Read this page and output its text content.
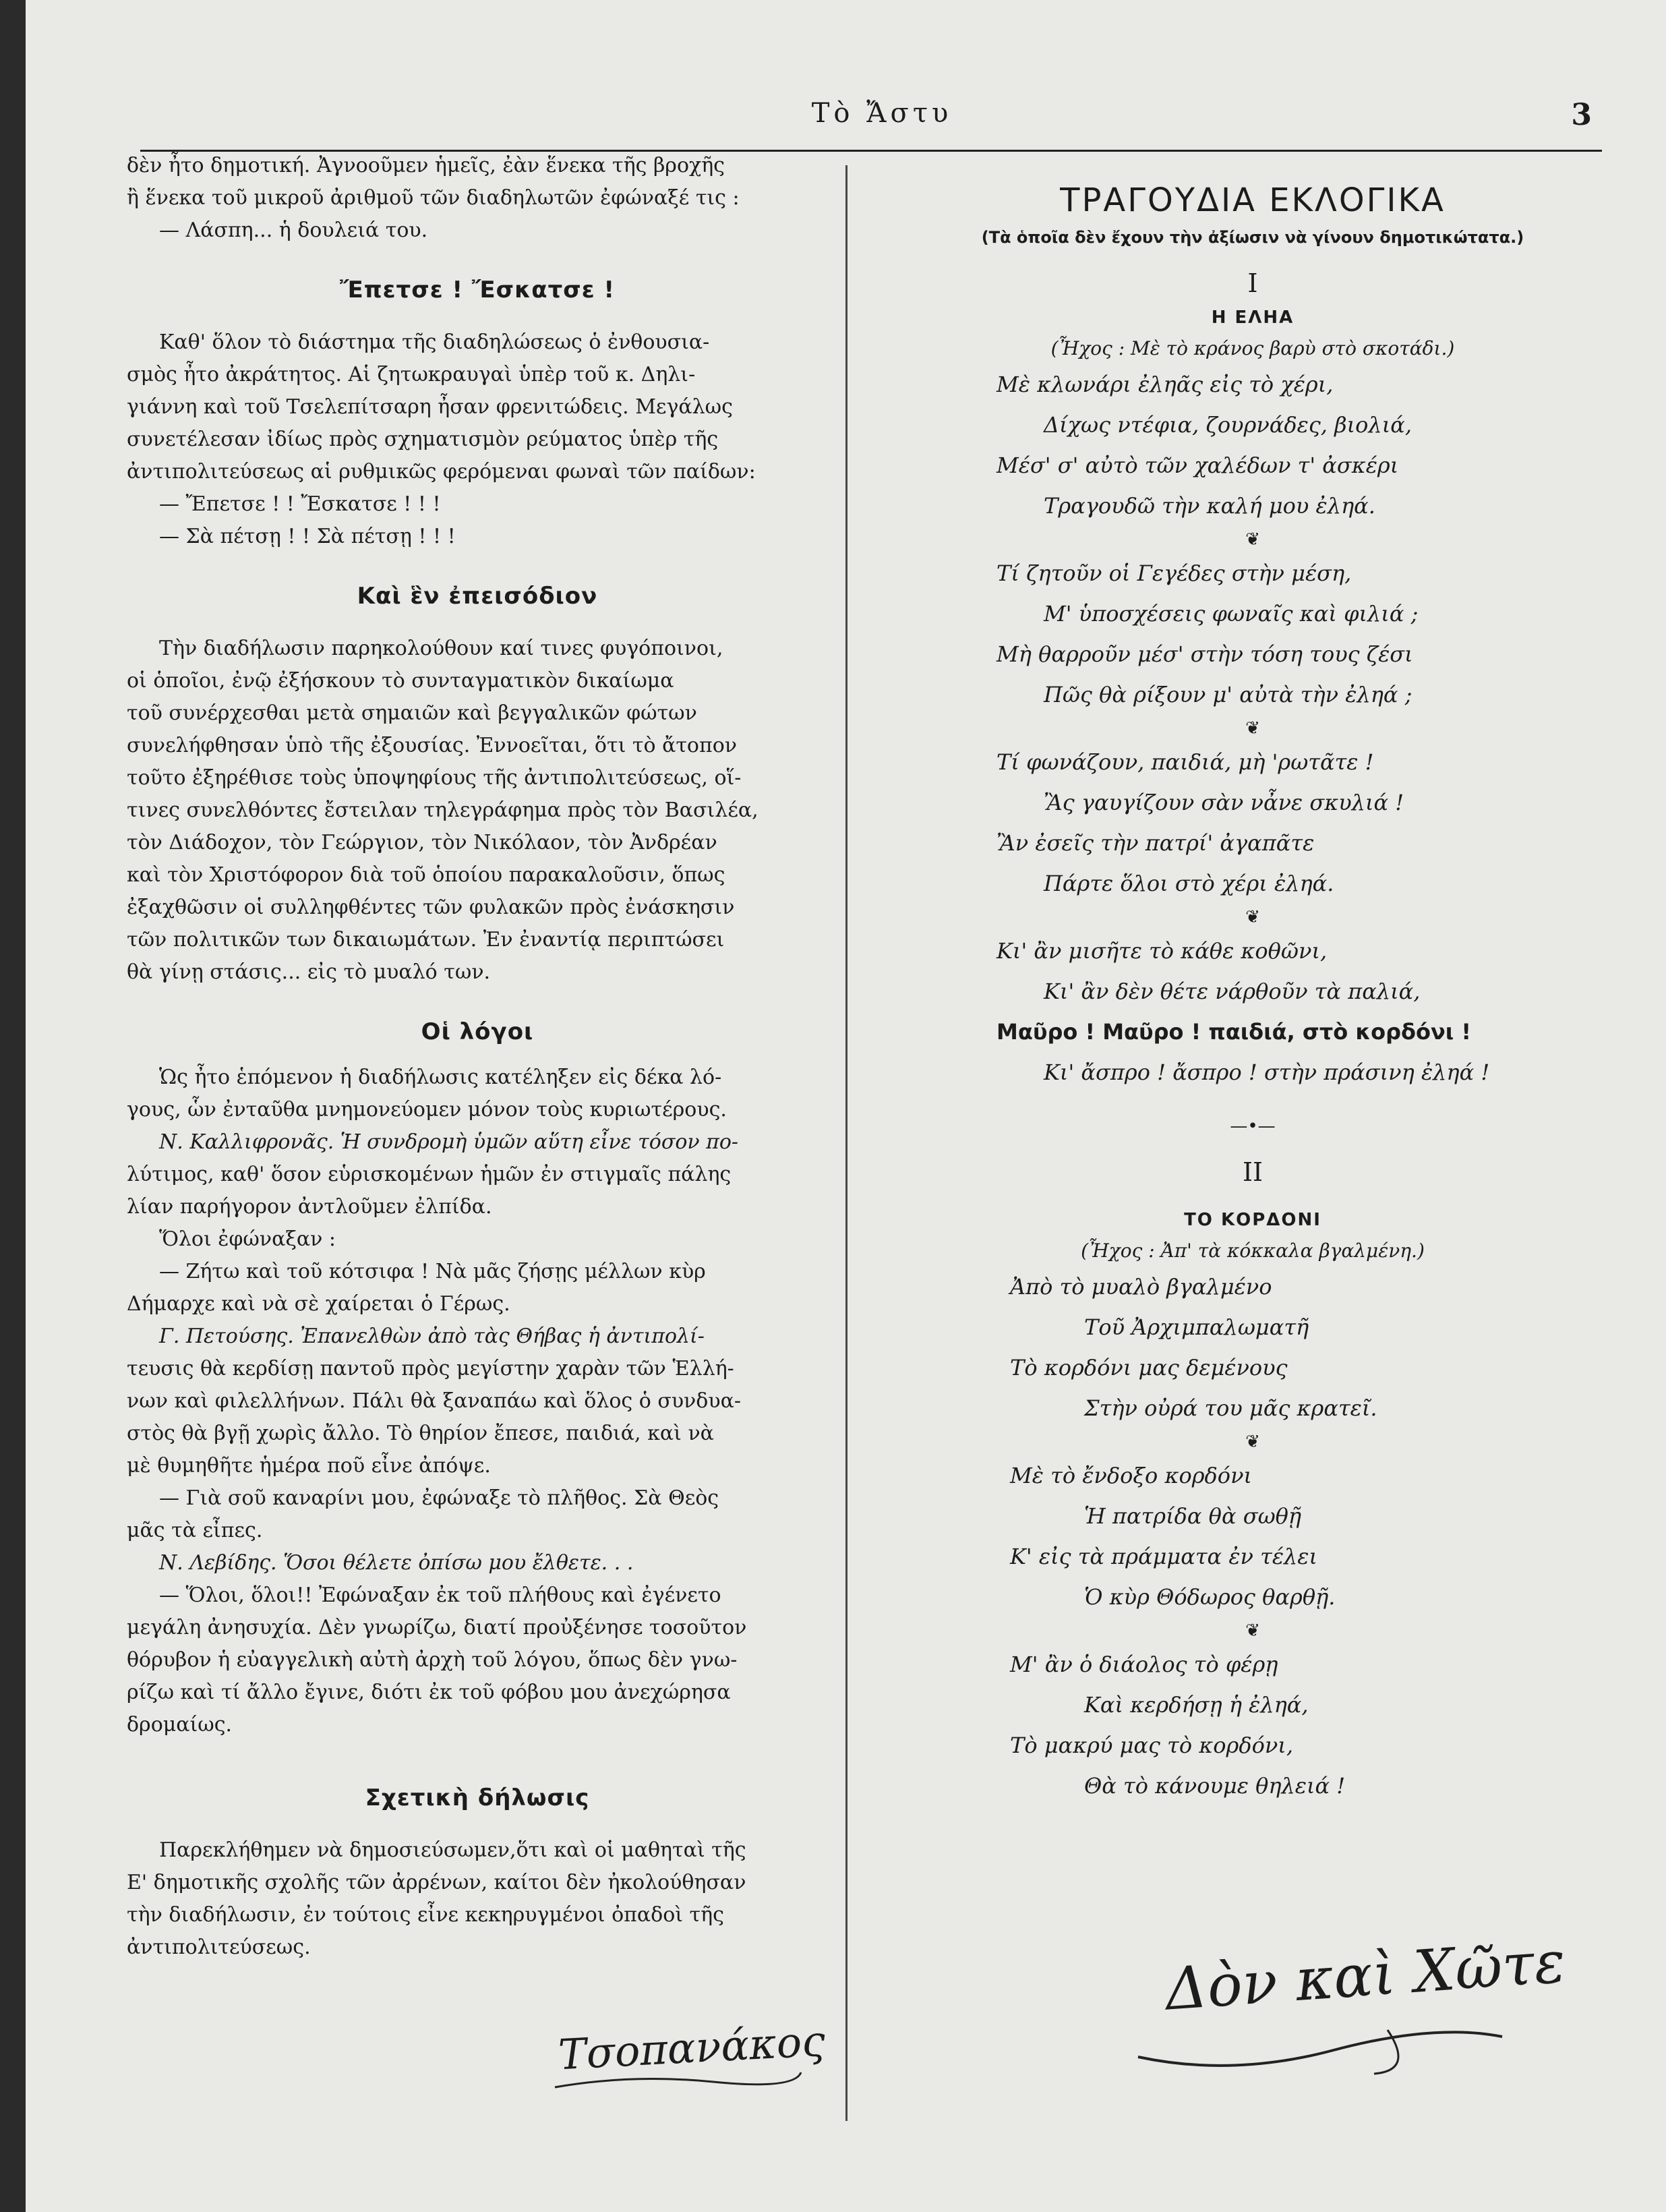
Τὸ Ἄστυ	3
δὲν ἦτο δημοτική. Ἀγνοοῦμεν ἡμεῖς, ἐὰν ἕνεκα τῆς βροχῆς
ἢ ἕνεκα τοῦ μικροῦ ἀριθμοῦ τῶν διαδηλωτῶν ἐφώναξέ τις :
— Λάσπη... ἡ δουλειά του.
Ἔπετσε ! Ἔσκατσε !
Καθ' ὅλον τὸ διάστημα τῆς διαδηλώσεως ὁ ἐνθουσια-
σμὸς ἦτο ἀκράτητος. Αἱ ζητωκραυγαὶ ὑπὲρ τοῦ κ. Δηλι-
γιάννη καὶ τοῦ Τσελεπίτσαρη ἦσαν φρενιτώδεις. Μεγάλως
συνετέλεσαν ἰδίως πρὸς σχηματισμὸν ρεύματος ὑπὲρ τῆς
ἀντιπολιτεύσεως αἱ ρυθμικῶς φερόμεναι φωναὶ τῶν παίδων:
— Ἔπετσε ! ! Ἔσκατσε ! ! !
— Σὰ πέτσῃ ! ! Σὰ πέτσῃ ! ! !
Καὶ ἓν ἐπεισόδιον
Τὴν διαδήλωσιν παρηκολούθουν καί τινες φυγόποινοι,
οἱ ὁποῖοι, ἐνῷ ἐξήσκουν τὸ συνταγματικὸν δικαίωμα
τοῦ συνέρχεσθαι μετὰ σημαιῶν καὶ βεγγαλικῶν φώτων
συνελήφθησαν ὑπὸ τῆς ἐξουσίας. Ἐννοεῖται, ὅτι τὸ ἄτοπον
τοῦτο ἐξηρέθισε τοὺς ὑποψηφίους τῆς ἀντιπολιτεύσεως, οἵ-
τινες συνελθόντες ἔστειλαν τηλεγράφημα πρὸς τὸν Βασιλέα,
τὸν Διάδοχον, τὸν Γεώργιον, τὸν Νικόλαον, τὸν Ἀνδρέαν
καὶ τὸν Χριστόφορον διὰ τοῦ ὁποίου παρακαλοῦσιν, ὅπως
ἐξαχθῶσιν οἱ συλληφθέντες τῶν φυλακῶν πρὸς ἐνάσκησιν
τῶν πολιτικῶν των δικαιωμάτων. Ἐν ἐναντίᾳ περιπτώσει
θὰ γίνῃ στάσις... εἰς τὸ μυαλό των.
Οἱ λόγοι
Ὡς ἦτο ἑπόμενον ἡ διαδήλωσις κατέληξεν εἰς δέκα λό-
γους, ὧν ἐνταῦθα μνημονεύομεν μόνον τοὺς κυριωτέρους.
Ν. Καλλιφρονᾶς. Ἡ συνδρομὴ ὑμῶν αὕτη εἶνε τόσον πο-
λύτιμος, καθ' ὅσον εὑρισκομένων ἡμῶν ἐν στιγμαῖς πάλης
λίαν παρήγορον ἀντλοῦμεν ἐλπίδα.
Ὅλοι ἐφώναξαν :
— Ζήτω καὶ τοῦ κότσιφα ! Νὰ μᾶς ζήσῃς μέλλων κὺρ
Δήμαρχε καὶ νὰ σὲ χαίρεται ὁ Γέρως.
Γ. Πετούσης. Ἐπανελθὼν ἀπὸ τὰς Θήβας ἡ ἀντιπολί-
τευσις θὰ κερδίσῃ παντοῦ πρὸς μεγίστην χαρὰν τῶν Ἑλλή-
νων καὶ φιλελλήνων. Πάλι θὰ ξαναπάω καὶ ὅλος ὁ συνδυα-
στὸς θὰ βγῇ χωρὶς ἄλλο. Τὸ θηρίον ἔπεσε, παιδιά, καὶ νὰ
μὲ θυμηθῆτε ἡμέρα ποῦ εἶνε ἀπόψε.
— Γιὰ σοῦ καναρίνι μου, ἐφώναξε τὸ πλῆθος. Σὰ Θεὸς
μᾶς τὰ εἶπες.
Ν. Λεβίδης. Ὅσοι θέλετε ὀπίσω μου ἔλθετε. . .
— Ὅλοι, ὅλοι!! Ἐφώναξαν ἐκ τοῦ πλήθους καὶ ἐγένετο
μεγάλη ἀνησυχία. Δὲν γνωρίζω, διατί προὐξένησε τοσοῦτον
θόρυβον ἡ εὐαγγελικὴ αὐτὴ ἀρχὴ τοῦ λόγου, ὅπως δὲν γνω-
ρίζω καὶ τί ἄλλο ἔγινε, διότι ἐκ τοῦ φόβου μου ἀνεχώρησα
δρομαίως.
Σχετικὴ δήλωσις
Παρεκλήθημεν νὰ δημοσιεύσωμεν,ὅτι καὶ οἱ μαθηταὶ τῆς
Ε' δημοτικῆς σχολῆς τῶν ἀρρένων, καίτοι δὲν ἠκολούθησαν
τὴν διαδήλωσιν, ἐν τούτοις εἶνε κεκηρυγμένοι ὀπαδοὶ τῆς
ἀντιπολιτεύσεως.
Τσοπανάκος
ΤΡΑΓΟΥΔΙΑ ΕΚΛΟΓΙΚΑ
(Τὰ ὁποῖα δὲν ἔχουν τὴν ἀξίωσιν νὰ γίνουν δημοτικώτατα.)
I
Η ΕΛΗΑ
(Ἦχος : Μὲ τὸ κράνος βαρὺ στὸ σκοτάδι.)
Μὲ κλωνάρι ἐληᾶς εἰς τὸ χέρι,
Δίχως ντέφια, ζουρνάδες, βιολιά,
Μέσ' σ' αὐτὸ τῶν χαλέδων τ' ἀσκέρι
Τραγουδῶ τὴν καλή μου ἐληά.
❦
Τί ζητοῦν οἱ Γεγέδες στὴν μέση,
Μ' ὑποσχέσεις φωναῖς καὶ φιλιά ;
Μὴ θαρροῦν μέσ' στὴν τόση τους ζέσι
Πῶς θὰ ρίξουν μ' αὐτὰ τὴν ἐληά ;
❦
Τί φωνάζουν, παιδιά, μὴ 'ρωτᾶτε !
Ἂς γαυγίζουν σὰν νἆνε σκυλιά !
Ἂν ἐσεῖς τὴν πατρί' ἀγαπᾶτε
Πάρτε ὅλοι στὸ χέρι ἐληά.
❦
Κι' ἂν μισῆτε τὸ κάθε κοθῶνι,
Κι' ἂν δὲν θέτε νάρθοῦν τὰ παλιά,
Μαῦρο ! Μαῦρο ! παιδιά, στὸ κορδόνι !
Κι' ἄσπρο ! ἄσπρο ! στὴν πράσινη ἐληά !
—•—
II
ΤΟ ΚΟΡΔΟΝΙ
(Ἦχος : Ἀπ' τὰ κόκκαλα βγαλμένη.)
Ἀπὸ τὸ μυαλὸ βγαλμένο
Τοῦ Ἀρχιμπαλωματῆ
Τὸ κορδόνι μας δεμένους
Στὴν οὐρά του μᾶς κρατεῖ.
❦
Μὲ τὸ ἔνδοξο κορδόνι
Ἡ πατρίδα θὰ σωθῇ
Κ' εἰς τὰ πράμματα ἐν τέλει
Ὁ κὺρ Θόδωρος θαρθῇ.
❦
Μ' ἂν ὁ διάολος τὸ φέρῃ
Καὶ κερδήσῃ ἡ ἐληά,
Τὸ μακρύ μας τὸ κορδόνι,
Θὰ τὸ κάνουμε θηλειά !
Δὸν καὶ Χῶτε
